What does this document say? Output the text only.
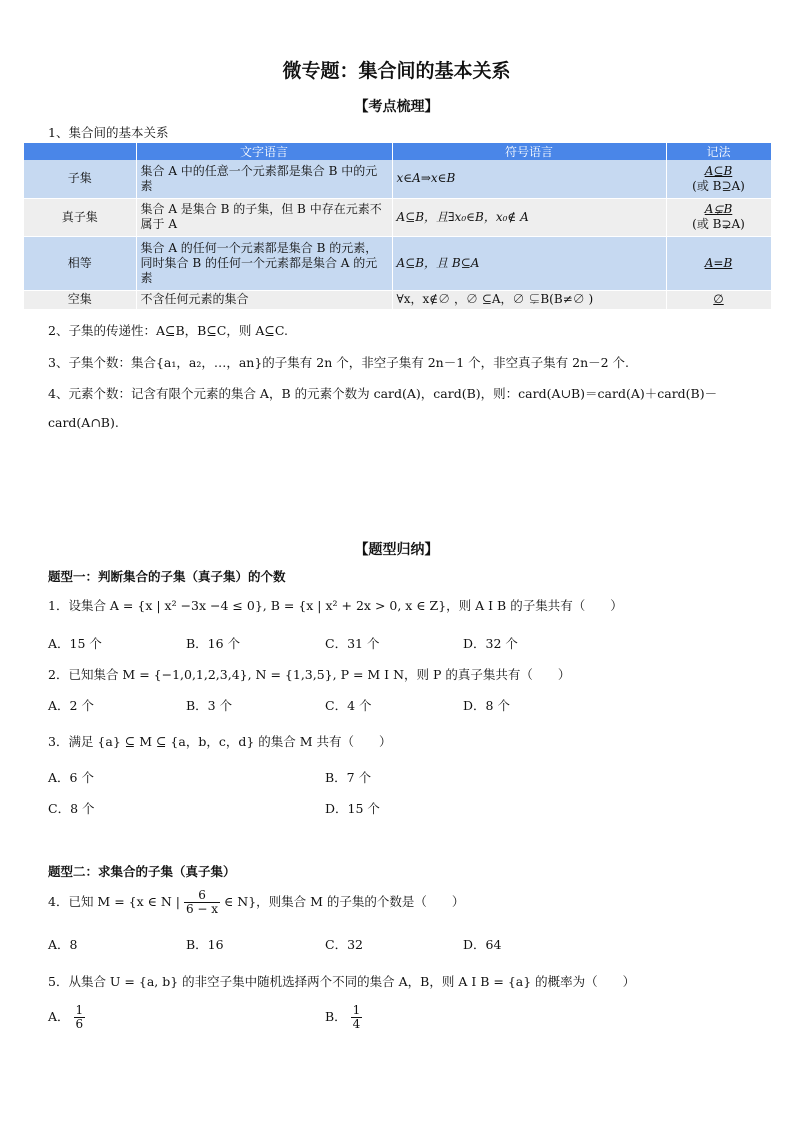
微专题：集合间的基本关系
【考点梳理】
1、集合间的基本关系
	文字语言	符号语言	记法
子集	集合 A 中的任意一个元素都是集合 B 中的元素	x∈A⇒x∈B	A⊆B
(或 B⊇A)

真子集	集合 A 是集合 B 的子集，但 B 中存在元素不属于 A	A⊆B，且∃x₀∈B，x₀∉ A	A⊊B
(或 B⊋A)

相等	集合 A 的任何一个元素都是集合 B 的元素，同时集合 B 的任何一个元素都是集合 A 的元素	A⊆B，且 B⊆A	A=B

空集	不含任何元素的集合	∀x，x∉∅ ，∅ ⊆A，∅ ⊊B(B≠∅ )	∅
2、子集的传递性：A⊆B，B⊆C，则 A⊆C.
3、子集个数：集合{a₁，a₂，…，an}的子集有 2n 个，非空子集有 2n－1 个，非空真子集有 2n－2 个.
4、元素个数：记含有限个元素的集合 A，B 的元素个数为 card(A)，card(B)，则：card(A∪B)＝card(A)＋card(B)－
card(A∩B).
【题型归纳】
题型一：判断集合的子集（真子集）的个数
1．设集合 A = {x | x² −3x −4 ≤ 0}, B = {x | x² + 2x > 0, x ∈ Z}，则 A I B 的子集共有（　　）
A．15 个	B．16 个	C．31 个	D．32 个
2．已知集合 M = {−1,0,1,2,3,4}, N = {1,3,5}, P = M I N，则 P 的真子集共有（　　）
A．2 个	B．3 个	C．4 个	D．8 个
3．满足 {a} ⊆ M ⊆ {a，b，c，d} 的集合 M 共有（　　）
A．6 个	B．7 个
C．8 个	D．15 个
题型二：求集合的子集（真子集）
4．已知 M = {x ∈ N | $\frac{6}{6 - x}$ ∈ N}，则集合 M 的子集的个数是（　　）
A．8	B．16	C．32	D．64
5．从集合 U = {a, b} 的非空子集中随机选择两个不同的集合 A，B，则 A I B = {a} 的概率为（　　）
A． $\frac{1}{6}$	B． $\frac{1}{4}$
